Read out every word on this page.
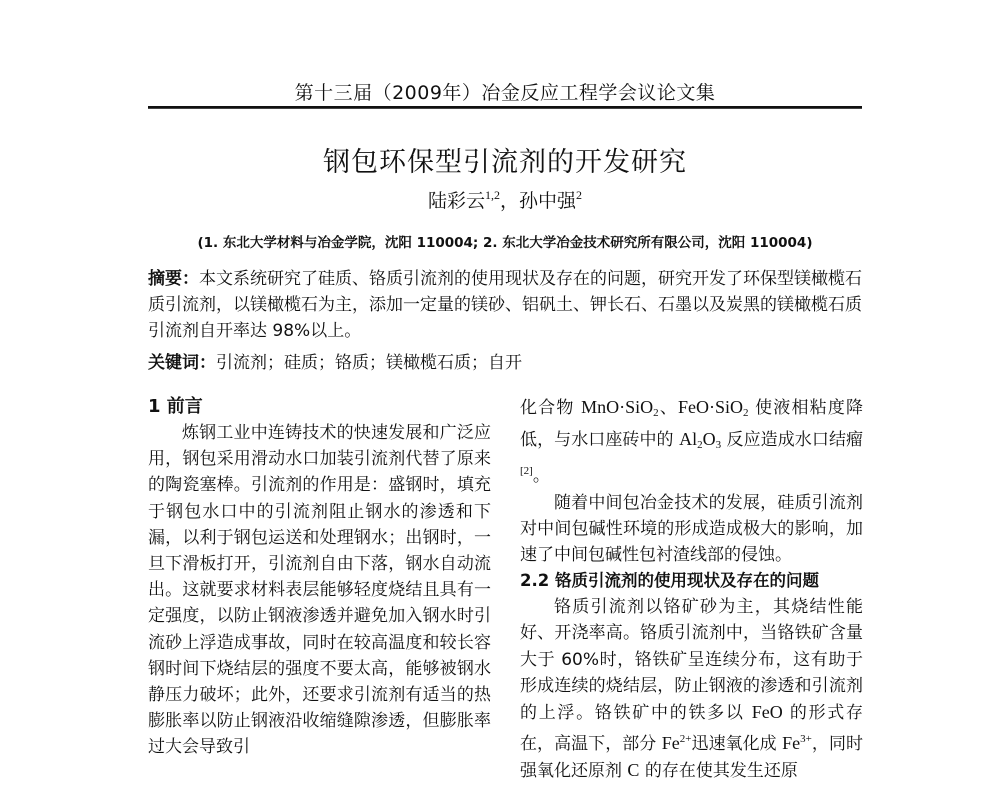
第十三届（2009年）冶金反应工程学会议论文集
钢包环保型引流剂的开发研究
陆彩云$^{1,2}$，孙中强$^2$
(1. 东北大学材料与冶金学院，沈阳 110004; 2. 东北大学冶金技术研究所有限公司，沈阳 110004)
摘要：本文系统研究了硅质、铬质引流剂的使用现状及存在的问题，研究开发了环保型镁橄榄石质引流剂，以镁橄榄石为主，添加一定量的镁砂、铝矾土、钾长石、石墨以及炭黑的镁橄榄石质引流剂自开率达 98%以上。
关键词：引流剂；硅质；铬质；镁橄榄石质；自开
1 前言

炼钢工业中连铸技术的快速发展和广泛应用，钢包采用滑动水口加装引流剂代替了原来的陶瓷塞棒。引流剂的作用是：盛钢时，填充于钢包水口中的引流剂阻止钢水的渗透和下漏，以利于钢包运送和处理钢水；出钢时，一旦下滑板打开，引流剂自由下落，钢水自动流出。这就要求材料表层能够轻度烧结且具有一定强度，以防止钢液渗透并避免加入钢水时引流砂上浮造成事故，同时在较高温度和较长容钢时间下烧结层的强度不要太高，能够被钢水静压力破坏；此外，还要求引流剂有适当的热膨胀率以防止钢液沿收缩缝隙渗透，但膨胀率过大会导致引

化合物 MnO·SiO$_2$、FeO·SiO$_2$ 使液相粘度降低，与水口座砖中的 $Al_2O_3$ 反应造成水口结瘤[2]。

随着中间包冶金技术的发展，硅质引流剂对中间包碱性环境的形成造成极大的影响，加速了中间包碱性包衬渣线部的侵蚀。

2.2 铬质引流剂的使用现状及存在的问题

铬质引流剂以铬矿砂为主，其烧结性能好、开浇率高。铬质引流剂中，当铬铁矿含量大于 60%时，铬铁矿呈连续分布，这有助于形成连续的烧结层，防止钢液的渗透和引流剂的上浮。铬铁矿中的铁多以 FeO 的形式存在，高温下，部分 $Fe^{2+}$迅速氧化成 $Fe^{3+}$，同时强氧化还原剂 C 的存在使其发生还原
